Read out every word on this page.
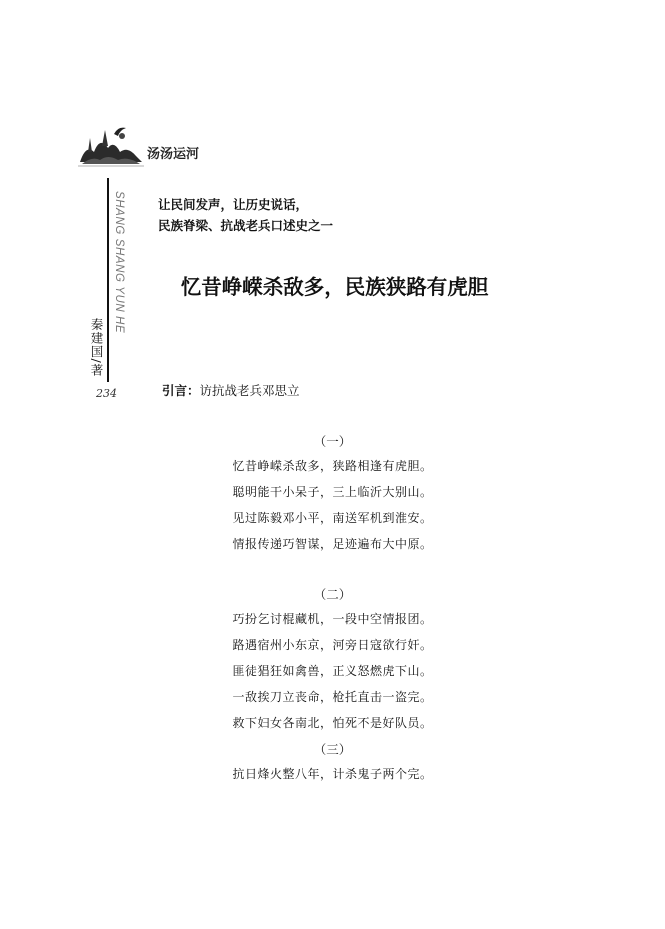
汤汤运河
SHANG SHANG YUN HE
秦建国/著
234
让民间发声，让历史说话，
民族脊梁、抗战老兵口述史之一
忆昔峥嵘杀敌多，民族狭路有虎胆
引言：访抗战老兵邓思立
（一）
忆昔峥嵘杀敌多，狭路相逢有虎胆。
聪明能干小呆子，三上临沂大别山。
见过陈毅邓小平，南送军机到淮安。
情报传递巧智谋，足迹遍布大中原。
（二）
巧扮乞讨棍藏机，一段中空情报团。
路遇宿州小东京，河旁日寇欲行奸。
匪徒猖狂如禽兽，正义怒燃虎下山。
一敌挨刀立丧命，枪托直击一盗完。
救下妇女各南北，怕死不是好队员。
（三）
抗日烽火整八年，计杀鬼子两个完。
